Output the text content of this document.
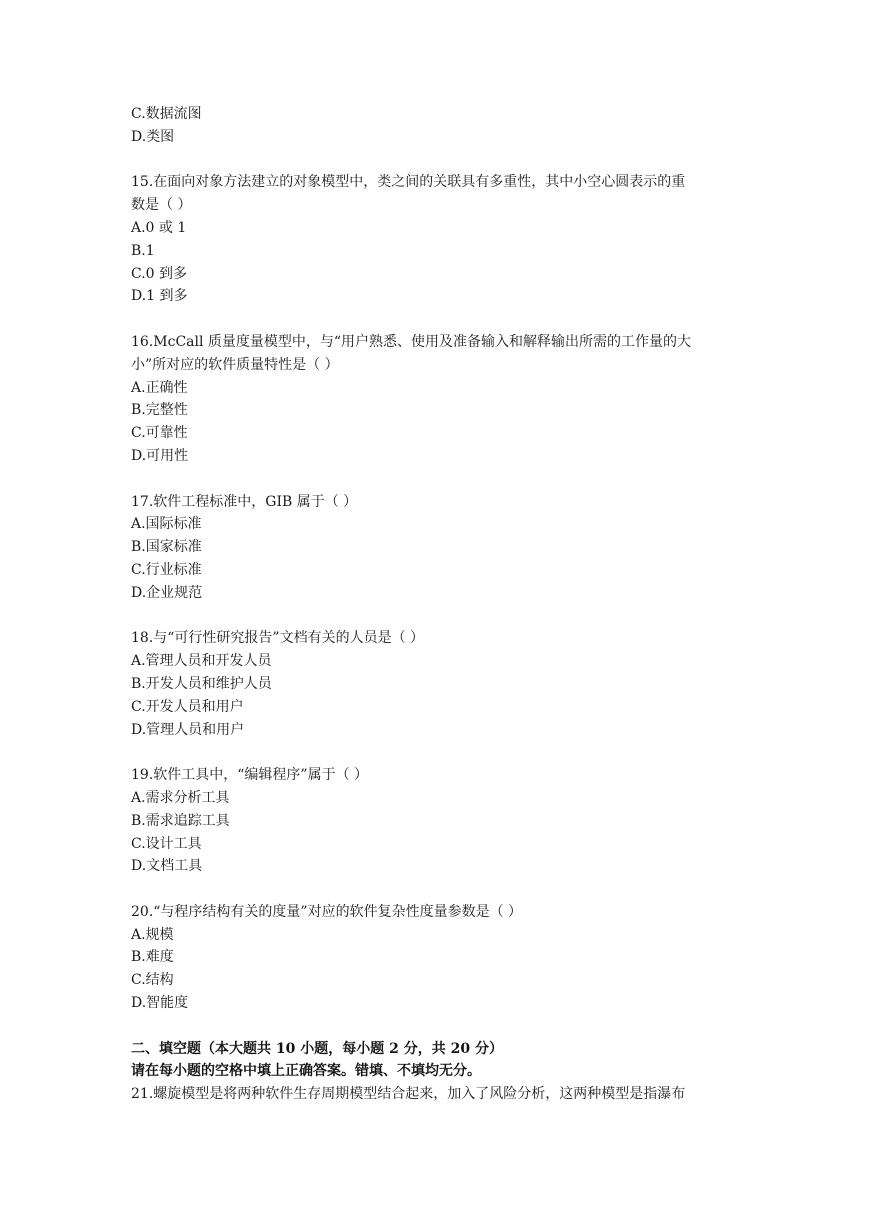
C.数据流图
D.类图
15.在面向对象方法建立的对象模型中，类之间的关联具有多重性，其中小空心圆表示的重
数是（ ）
A.0 或 1
B.1
C.0 到多
D.1 到多
16.McCall 质量度量模型中，与“用户熟悉、使用及准备输入和解释输出所需的工作量的大
小”所对应的软件质量特性是（ ）
A.正确性
B.完整性
C.可靠性
D.可用性
17.软件工程标准中，GIB 属于（ ）
A.国际标准
B.国家标准
C.行业标准
D.企业规范
18.与“可行性研究报告”文档有关的人员是（ ）
A.管理人员和开发人员
B.开发人员和维护人员
C.开发人员和用户
D.管理人员和用户
19.软件工具中，“编辑程序”属于（ ）
A.需求分析工具
B.需求追踪工具
C.设计工具
D.文档工具
20.“与程序结构有关的度量”对应的软件复杂性度量参数是（ ）
A.规模
B.难度
C.结构
D.智能度
二、填空题（本大题共 10 小题，每小题 2 分，共 20 分）
请在每小题的空格中填上正确答案。错填、不填均无分。
21.螺旋模型是将两种软件生存周期模型结合起来，加入了风险分析，这两种模型是指瀑布
